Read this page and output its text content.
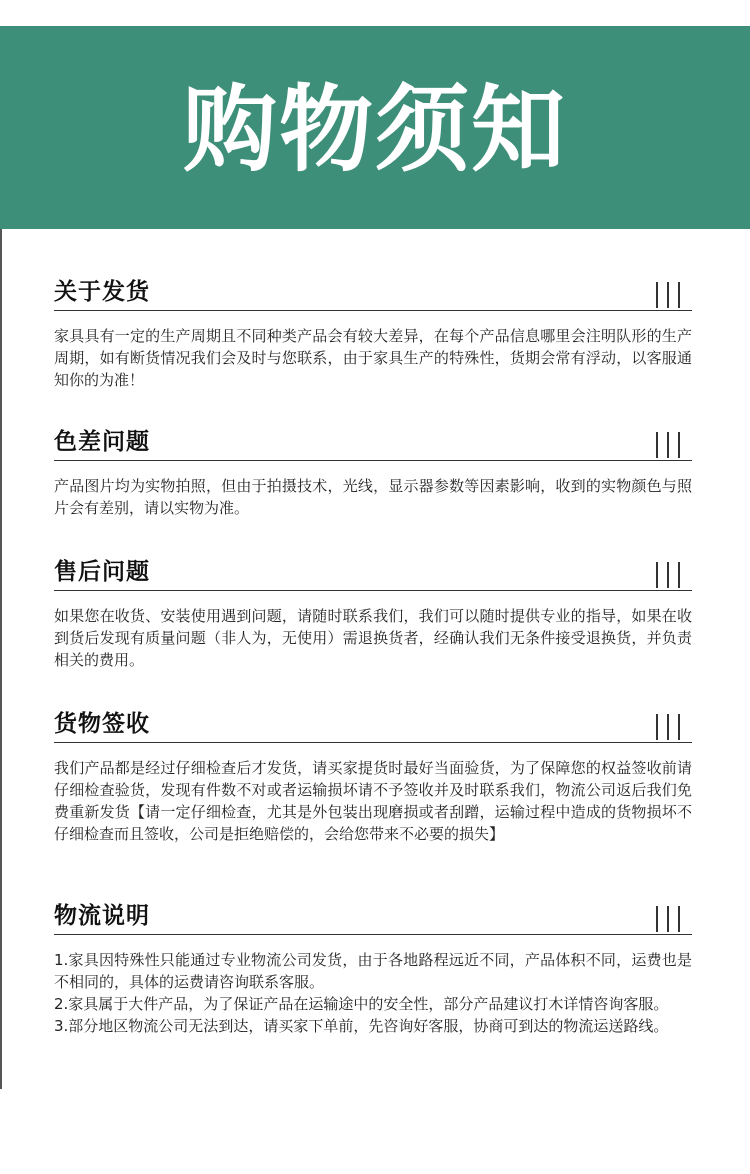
购物须知
关于发货

家具具有一定的生产周期且不同种类产品会有较大差异，在每个产品信息哪里会注明队形的生产周期，如有断货情况我们会及时与您联系，由于家具生产的特殊性，货期会常有浮动，以客服通知你的为准！

色差问题

产品图片均为实物拍照，但由于拍摄技术，光线，显示器参数等因素影响，收到的实物颜色与照片会有差别，请以实物为准。

售后问题

如果您在收货、安装使用遇到问题，请随时联系我们，我们可以随时提供专业的指导，如果在收到货后发现有质量问题（非人为，无使用）需退换货者，经确认我们无条件接受退换货，并负责相关的费用。

货物签收

我们产品都是经过仔细检查后才发货，请买家提货时最好当面验货，为了保障您的权益签收前请仔细检查验货，发现有件数不对或者运输损坏请不予签收并及时联系我们，物流公司返后我们免费重新发货【请一定仔细检查，尤其是外包装出现磨损或者刮蹭，运输过程中造成的货物损坏不仔细检查而且签收，公司是拒绝赔偿的，会给您带来不必要的损失】

物流说明

1.家具因特殊性只能通过专业物流公司发货，由于各地路程远近不同，产品体积不同，运费也是不相同的，具体的运费请咨询联系客服。

2.家具属于大件产品，为了保证产品在运输途中的安全性，部分产品建议打木详情咨询客服。

3.部分地区物流公司无法到达，请买家下单前，先咨询好客服，协商可到达的物流运送路线。
